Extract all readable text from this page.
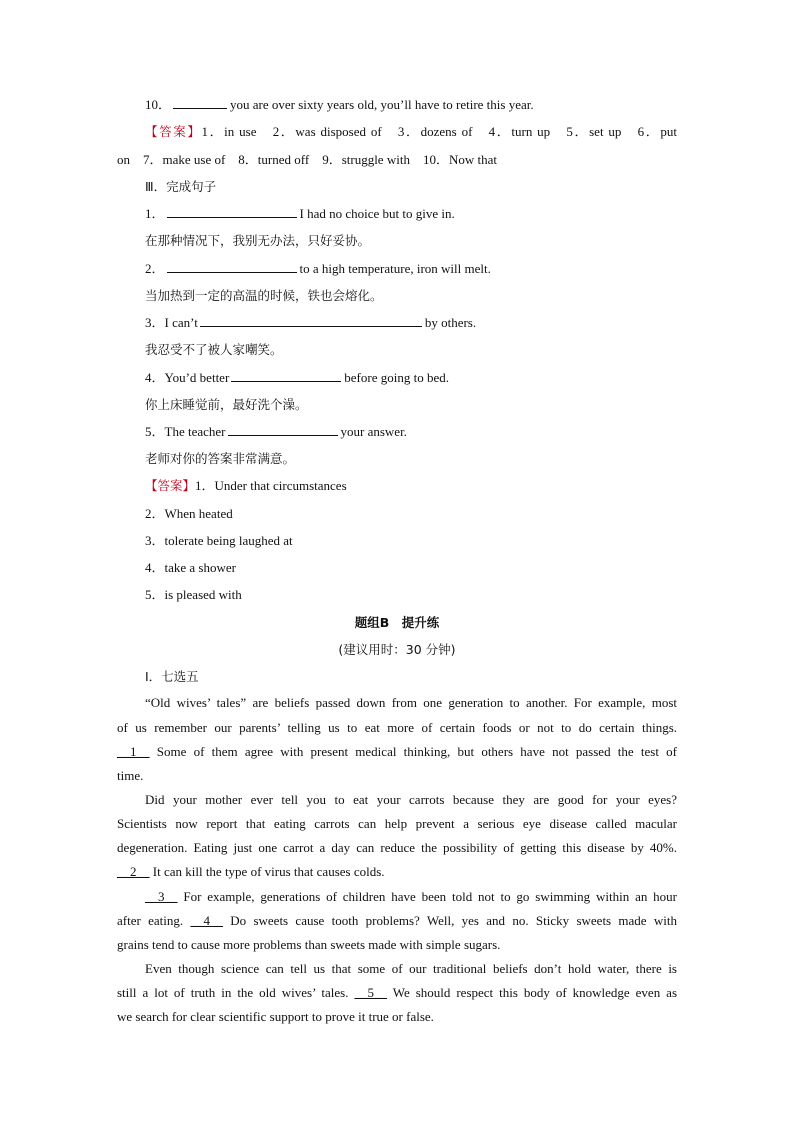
10．	you are over sixty years old, you’ll have to retire this year.
【答案】1．in use　2．was disposed of　3．dozens of　4．turn up　5．set up　6．put
on　7．make use of　8．turned off　9．struggle with　10．Now that
Ⅲ．完成句子
1．	I had no choice but to give in.
在那种情况下，我别无办法，只好妥协。
2．	to a high temperature, iron will melt.
当加热到一定的高温的时候，铁也会熔化。
3．I can’t	by others.
我忍受不了被人家嘲笑。
4．You’d better	before going to bed.
你上床睡觉前，最好洗个澡。
5．The teacher	your answer.
老师对你的答案非常满意。
【答案】1．Under that circumstances
2．When heated
3．tolerate being laughed at
4．take a shower
5．is pleased with
题组B　提升练
(建议用时：30 分钟)
Ⅰ．七选五
“Old wives’ tales” are beliefs passed down from one generation to another. For example, most
of us remember our parents’ telling us to eat more of certain foods or not to do certain things.
__1__ Some of them agree with present medical thinking, but others have not passed the test of
time.
Did your mother ever tell you to eat your carrots because they are good for your eyes?
Scientists now report that eating carrots can help prevent a serious eye disease called macular
degeneration. Eating just one carrot a day can reduce the possibility of getting this disease by 40%.
__2__ It can kill the type of virus that causes colds.
__3__ For example, generations of children have been told not to go swimming within an hour
after eating. __4__ Do sweets cause tooth problems? Well, yes and no. Sticky sweets made with
grains tend to cause more problems than sweets made with simple sugars.
Even though science can tell us that some of our traditional beliefs don’t hold water, there is
still a lot of truth in the old wives’ tales. __5__ We should respect this body of knowledge even as
we search for clear scientific support to prove it true or false.
